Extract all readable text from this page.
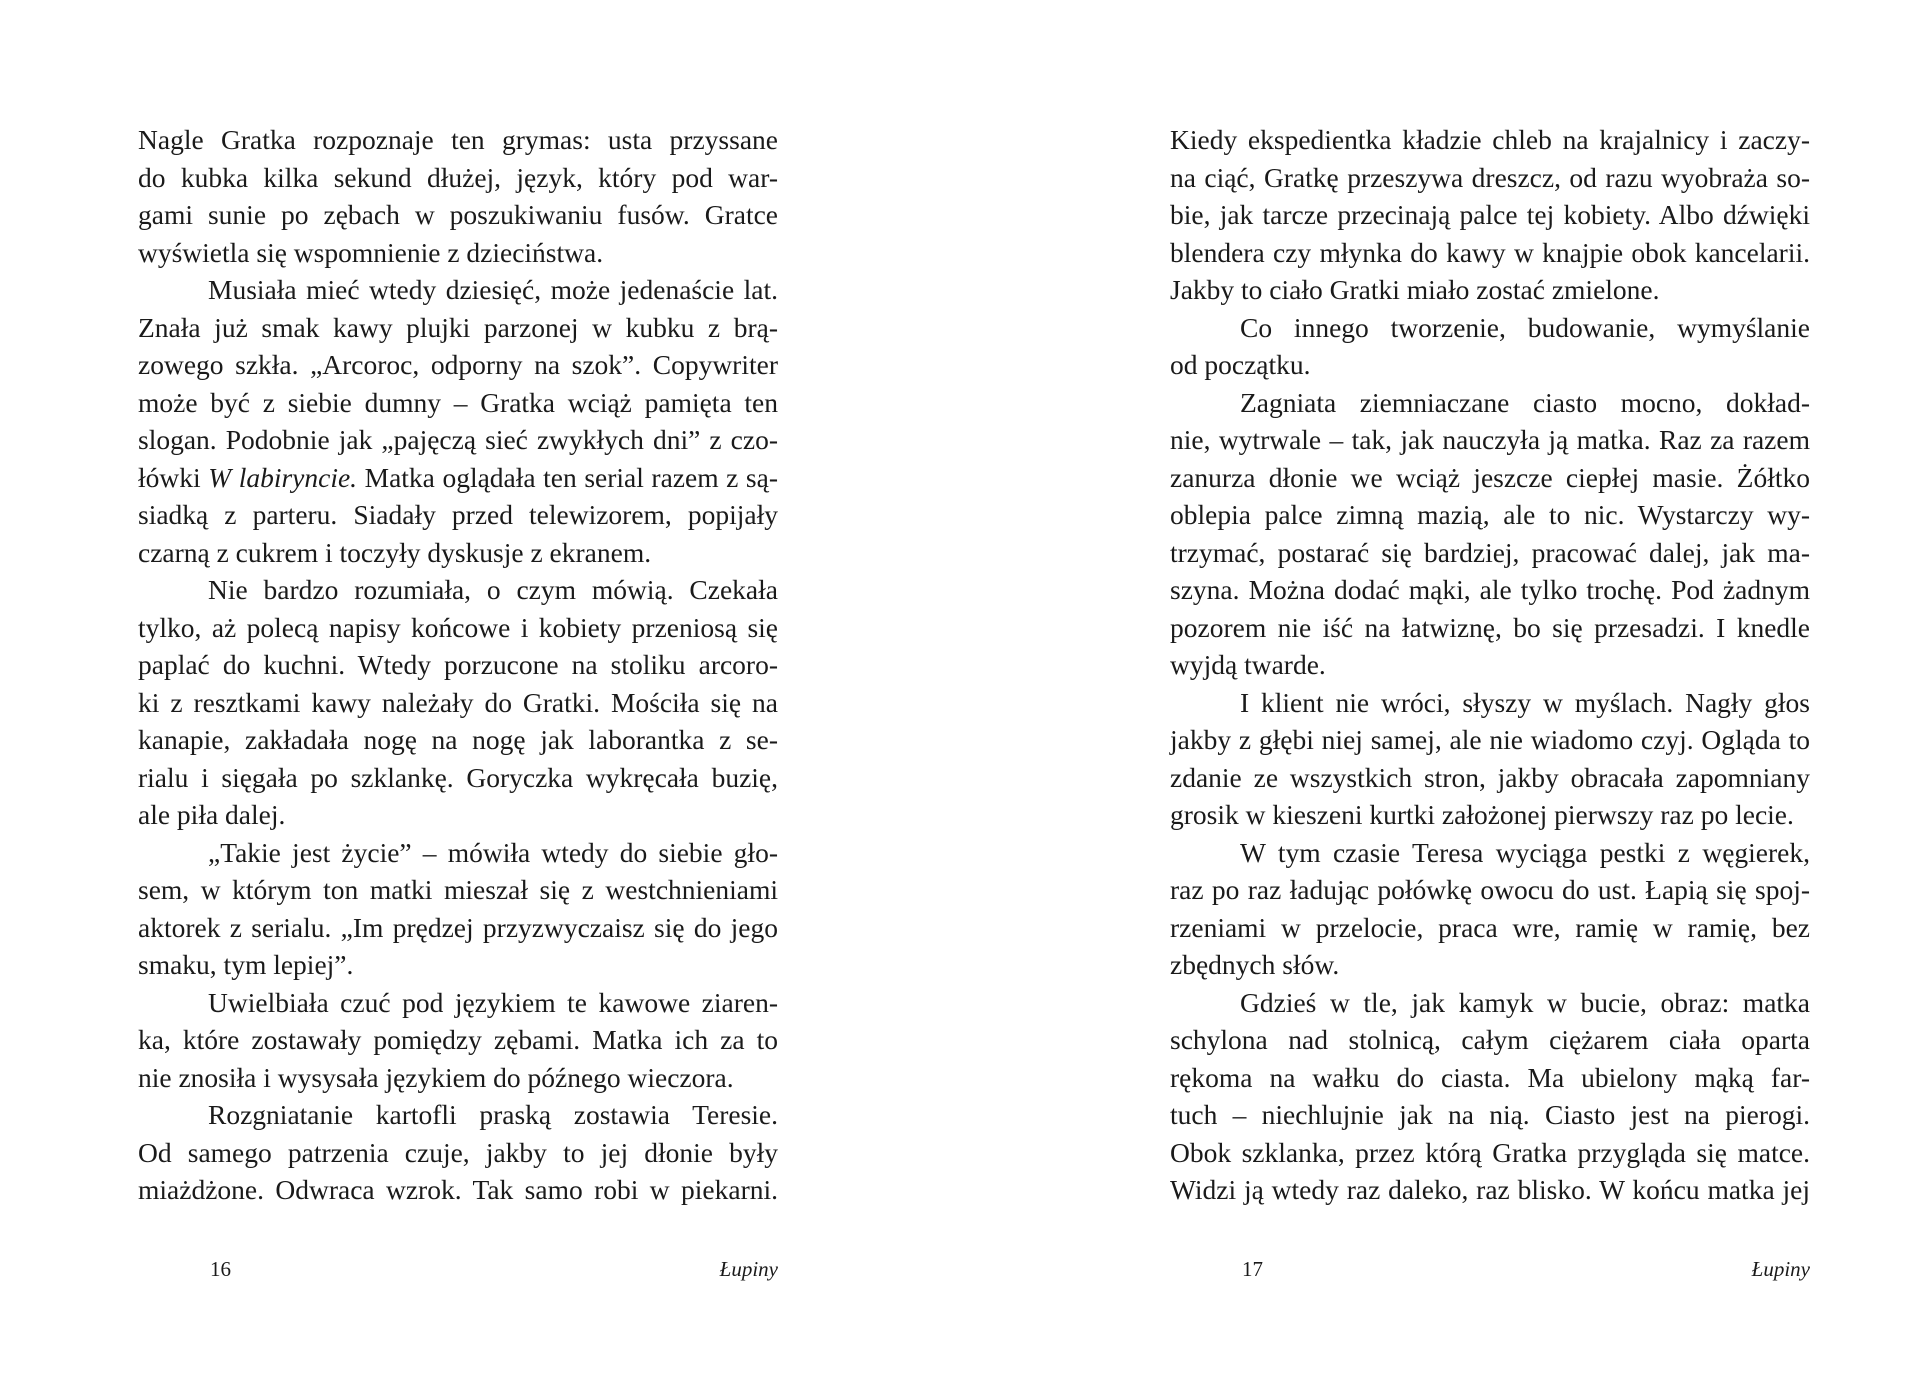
Nagle Gratka rozpoznaje ten grymas: usta przyssane
do kubka kilka sekund dłużej, język, który pod war-
gami sunie po zębach w poszukiwaniu fusów. Gratce
wyświetla się wspomnienie z dzieciństwa.
Musiała mieć wtedy dziesięć, może jedenaście lat.
Znała już smak kawy plujki parzonej w kubku z brą-
zowego szkła. „Arcoroc, odporny na szok”. Copywriter
może być z siebie dumny – Gratka wciąż pamięta ten
slogan. Podobnie jak „pajęczą sieć zwykłych dni” z czo-
łówki W labiryncie. Matka oglądała ten serial razem z są-
siadką z parteru. Siadały przed telewizorem, popijały
czarną z cukrem i toczyły dyskusje z ekranem.
Nie bardzo rozumiała, o czym mówią. Czekała
tylko, aż polecą napisy końcowe i kobiety przeniosą się
paplać do kuchni. Wtedy porzucone na stoliku arcoro-
ki z resztkami kawy należały do Gratki. Mościła się na
kanapie, zakładała nogę na nogę jak laborantka z se-
rialu i sięgała po szklankę. Goryczka wykręcała buzię,
ale piła dalej.
„Takie jest życie” – mówiła wtedy do siebie gło-
sem, w którym ton matki mieszał się z westchnieniami
aktorek z serialu. „Im prędzej przyzwyczaisz się do jego
smaku, tym lepiej”.
Uwielbiała czuć pod językiem te kawowe ziaren-
ka, które zostawały pomiędzy zębami. Matka ich za to
nie znosiła i wysysała językiem do późnego wieczora.
Rozgniatanie kartofli praską zostawia Teresie.
Od samego patrzenia czuje, jakby to jej dłonie były
miażdżone. Odwraca wzrok. Tak samo robi w piekarni.
16	Łupiny
Kiedy ekspedientka kładzie chleb na krajalnicy i zaczy-
na ciąć, Gratkę przeszywa dreszcz, od razu wyobraża so-
bie, jak tarcze przecinają palce tej kobiety. Albo dźwięki
blendera czy młynka do kawy w knajpie obok kancelarii.
Jakby to ciało Gratki miało zostać zmielone.
Co innego tworzenie, budowanie, wymyślanie
od początku.
Zagniata ziemniaczane ciasto mocno, dokład-
nie, wytrwale – tak, jak nauczyła ją matka. Raz za razem
zanurza dłonie we wciąż jeszcze ciepłej masie. Żółtko
oblepia palce zimną mazią, ale to nic. Wystarczy wy-
trzymać, postarać się bardziej, pracować dalej, jak ma-
szyna. Można dodać mąki, ale tylko trochę. Pod żadnym
pozorem nie iść na łatwiznę, bo się przesadzi. I knedle
wyjdą twarde.
I klient nie wróci, słyszy w myślach. Nagły głos
jakby z głębi niej samej, ale nie wiadomo czyj. Ogląda to
zdanie ze wszystkich stron, jakby obracała zapomniany
grosik w kieszeni kurtki założonej pierwszy raz po lecie.
W tym czasie Teresa wyciąga pestki z węgierek,
raz po raz ładując połówkę owocu do ust. Łapią się spoj-
rzeniami w przelocie, praca wre, ramię w ramię, bez
zbędnych słów.
Gdzieś w tle, jak kamyk w bucie, obraz: matka
schylona nad stolnicą, całym ciężarem ciała oparta
rękoma na wałku do ciasta. Ma ubielony mąką far-
tuch – niechlujnie jak na nią. Ciasto jest na pierogi.
Obok szklanka, przez którą Gratka przygląda się matce.
Widzi ją wtedy raz daleko, raz blisko. W końcu matka jej
17	Łupiny
